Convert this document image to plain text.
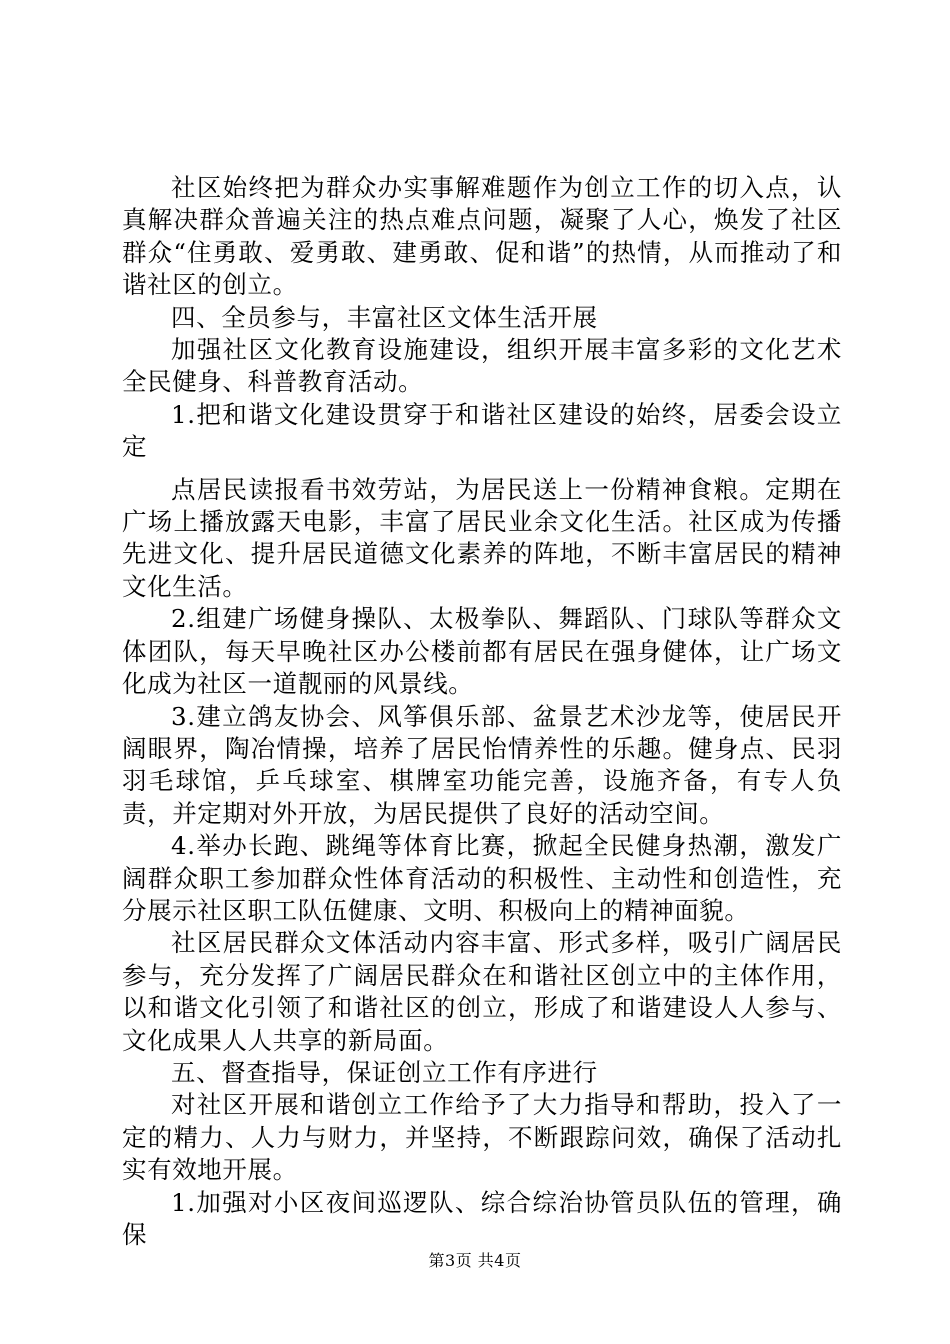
社区始终把为群众办实事解难题作为创立工作的切入点，认真解决群众普遍关注的热点难点问题，凝聚了人心，焕发了社区群众“住勇敢、爱勇敢、建勇敢、促和谐”的热情，从而推动了和谐社区的创立。

四、全员参与，丰富社区文体生活开展

加强社区文化教育设施建设，组织开展丰富多彩的文化艺术全民健身、科普教育活动。

1.把和谐文化建设贯穿于和谐社区建设的始终，居委会设立定

点居民读报看书效劳站，为居民送上一份精神食粮。定期在广场上播放露天电影，丰富了居民业余文化生活。社区成为传播先进文化、提升居民道德文化素养的阵地，不断丰富居民的精神文化生活。

2.组建广场健身操队、太极拳队、舞蹈队、门球队等群众文体团队，每天早晚社区办公楼前都有居民在强身健体，让广场文化成为社区一道靓丽的风景线。

3.建立鸽友协会、风筝俱乐部、盆景艺术沙龙等，使居民开阔眼界，陶冶情操，培养了居民怡情养性的乐趣。健身点、民羽羽毛球馆，乒乓球室、棋牌室功能完善，设施齐备，有专人负责，并定期对外开放，为居民提供了良好的活动空间。

4.举办长跑、跳绳等体育比赛，掀起全民健身热潮，激发广阔群众职工参加群众性体育活动的积极性、主动性和创造性，充分展示社区职工队伍健康、文明、积极向上的精神面貌。

社区居民群众文体活动内容丰富、形式多样，吸引广阔居民参与，充分发挥了广阔居民群众在和谐社区创立中的主体作用，以和谐文化引领了和谐社区的创立，形成了和谐建设人人参与、文化成果人人共享的新局面。

五、督查指导，保证创立工作有序进行

对社区开展和谐创立工作给予了大力指导和帮助，投入了一定的精力、人力与财力，并坚持，不断跟踪问效，确保了活动扎实有效地开展。

1.加强对小区夜间巡逻队、综合综治协管员队伍的管理，确保

第3页 共4页
